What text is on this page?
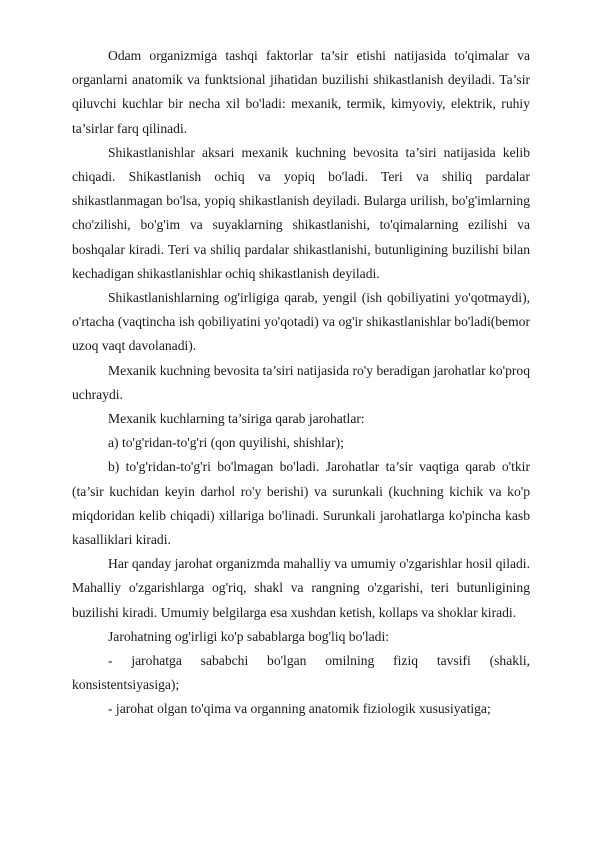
Odam organizmiga tashqi faktorlar ta’sir etishi natijasida to'qimalar va organlarni anatomik va funktsional jihatidan buzilishi shikastlanish deyiladi. Ta’sir qiluvchi kuchlar bir necha xil bo'ladi: mexanik, termik, kimyoviy, elektrik, ruhiy ta’sirlar farq qilinadi.

Shikastlanishlar aksari mexanik kuchning bevosita ta’siri natijasida kelib chiqadi. Shikastlanish ochiq va yopiq bo'ladi. Teri va shiliq pardalar shikastlanmagan bo'lsa, yopiq shikastlanish deyiladi. Bularga urilish, bo'g'imlarning cho'zilishi, bo'g'im va suyaklarning shikastlanishi, to'qimalarning ezilishi va boshqalar kiradi. Teri va shiliq pardalar shikastlanishi, butunligining buzilishi bilan kechadigan shikastlanishlar ochiq shikastlanish deyiladi.

Shikastlanishlarning og'irligiga qarab, yengil (ish qobiliyatini yo'qotmaydi), o'rtacha (vaqtincha ish qobiliyatini yo'qotadi) va og'ir shikastlanishlar bo'ladi(bemor uzoq vaqt davolanadi).

Mexanik kuchning bevosita ta’siri natijasida ro'y beradigan jarohatlar ko'proq uchraydi.

Mexanik kuchlarning ta’siriga qarab jarohatlar:

a) to'g'ridan-to'g'ri (qon quyilishi, shishlar);

b) to'g'ridan-to'g'ri bo'lmagan bo'ladi. Jarohatlar ta’sir vaqtiga qarab o'tkir (ta’sir kuchidan keyin darhol ro'y berishi) va surunkali (kuchning kichik va ko'p miqdoridan kelib chiqadi) xillariga bo'linadi. Surunkali jarohatlarga ko'pincha kasb kasalliklari kiradi.

Har qanday jarohat organizmda mahalliy va umumiy o'zgarishlar hosil qiladi. Mahalliy o'zgarishlarga og'riq, shakl va rangning o'zgarishi, teri butunligining buzilishi kiradi. Umumiy belgilarga esa xushdan ketish, kollaps va shoklar kiradi.

Jarohatning og'irligi ko'p sabablarga bog'liq bo'ladi:

- jarohatga sababchi bo'lgan omilning fiziq tavsifi (shakli, konsistentsiyasiga);

- jarohat olgan to'qima va organning anatomik fiziologik xususiyatiga;
